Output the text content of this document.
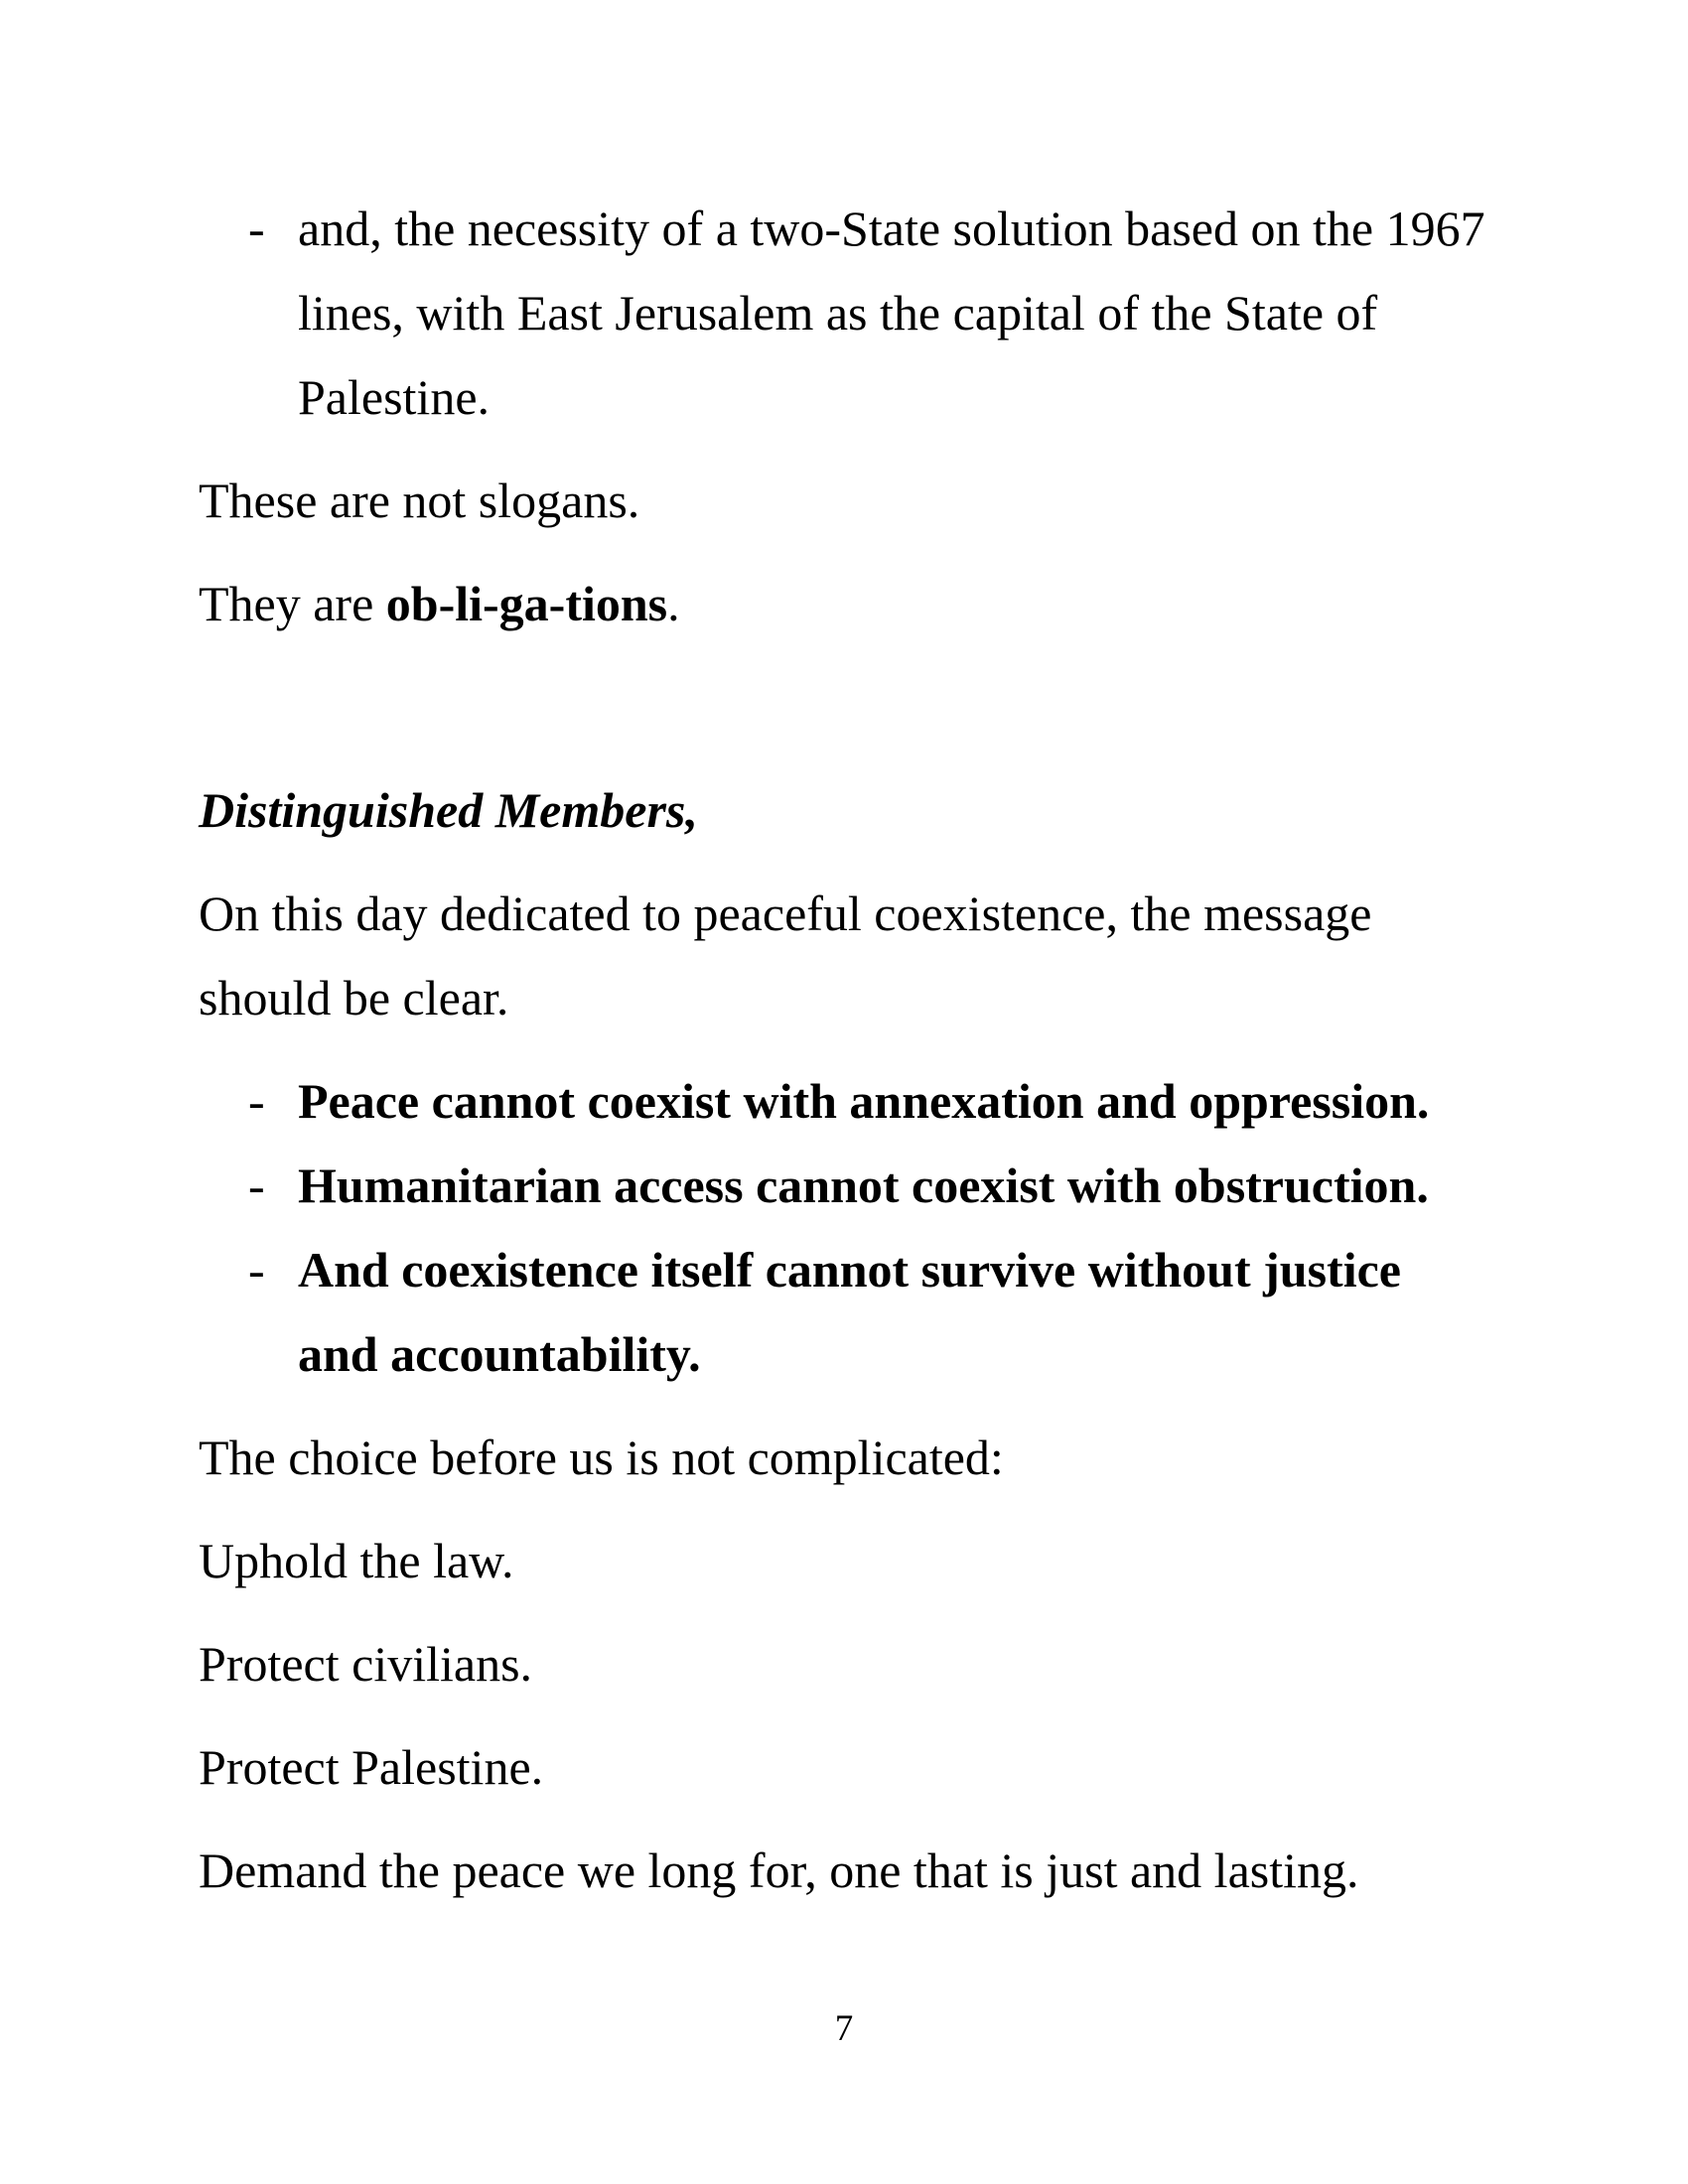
- and, the necessity of a two-State solution based on the 1967
lines, with East Jerusalem as the capital of the State of
Palestine.

These are not slogans.

They are ob-li-ga-tions.

Distinguished Members,

On this day dedicated to peaceful coexistence, the message
should be clear.
- Peace cannot coexist with annexation and oppression.
- Humanitarian access cannot coexist with obstruction.
- And coexistence itself cannot survive without justice
and accountability.

The choice before us is not complicated:

Uphold the law.

Protect civilians.

Protect Palestine.

Demand the peace we long for, one that is just and lasting.

7
